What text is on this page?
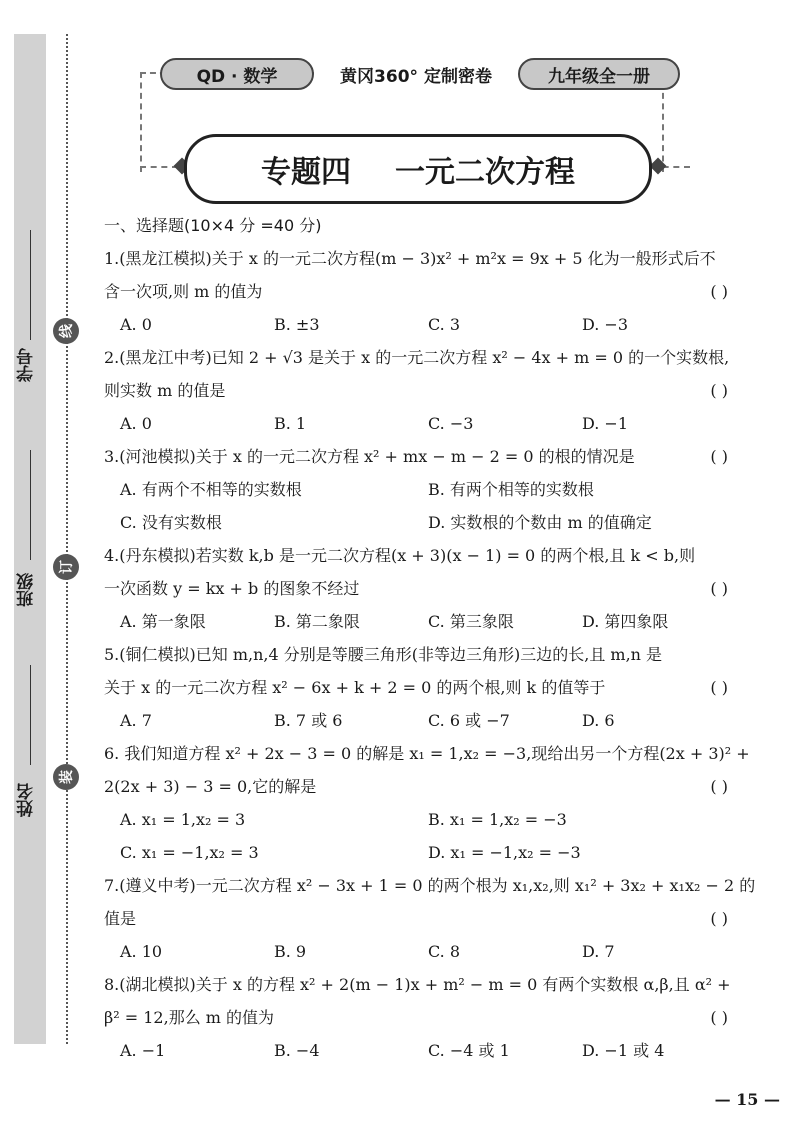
学号
班级
姓名
线
订
装
QD · 数学	黄冈360° 定制密卷	九年级全一册
专题四 一元二次方程
一、选择题(10×4 分 =40 分)
1.(黑龙江模拟)关于 x 的一元二次方程(m − 3)x² + m²x = 9x + 5 化为一般形式后不
含一次项,则 m 的值为	( )
A. 0	B. ±3	C. 3	D. −3
2.(黑龙江中考)已知 2 + √3 是关于 x 的一元二次方程 x² − 4x + m = 0 的一个实数根,
则实数 m 的值是	( )
A. 0	B. 1	C. −3	D. −1
3.(河池模拟)关于 x 的一元二次方程 x² + mx − m − 2 = 0 的根的情况是	( )
A. 有两个不相等的实数根	B. 有两个相等的实数根
C. 没有实数根	D. 实数根的个数由 m 的值确定
4.(丹东模拟)若实数 k,b 是一元二次方程(x + 3)(x − 1) = 0 的两个根,且 k < b,则
一次函数 y = kx + b 的图象不经过	( )
A. 第一象限	B. 第二象限	C. 第三象限	D. 第四象限
5.(铜仁模拟)已知 m,n,4 分别是等腰三角形(非等边三角形)三边的长,且 m,n 是
关于 x 的一元二次方程 x² − 6x + k + 2 = 0 的两个根,则 k 的值等于	( )
A. 7	B. 7 或 6	C. 6 或 −7	D. 6
6. 我们知道方程 x² + 2x − 3 = 0 的解是 x₁ = 1,x₂ = −3,现给出另一个方程(2x + 3)² +
2(2x + 3) − 3 = 0,它的解是	( )
A. x₁ = 1,x₂ = 3	B. x₁ = 1,x₂ = −3
C. x₁ = −1,x₂ = 3	D. x₁ = −1,x₂ = −3
7.(遵义中考)一元二次方程 x² − 3x + 1 = 0 的两个根为 x₁,x₂,则 x₁² + 3x₂ + x₁x₂ − 2 的
值是	( )
A. 10	B. 9	C. 8	D. 7
8.(湖北模拟)关于 x 的方程 x² + 2(m − 1)x + m² − m = 0 有两个实数根 α,β,且 α² +
β² = 12,那么 m 的值为	( )
A. −1	B. −4	C. −4 或 1	D. −1 或 4
— 15 —
